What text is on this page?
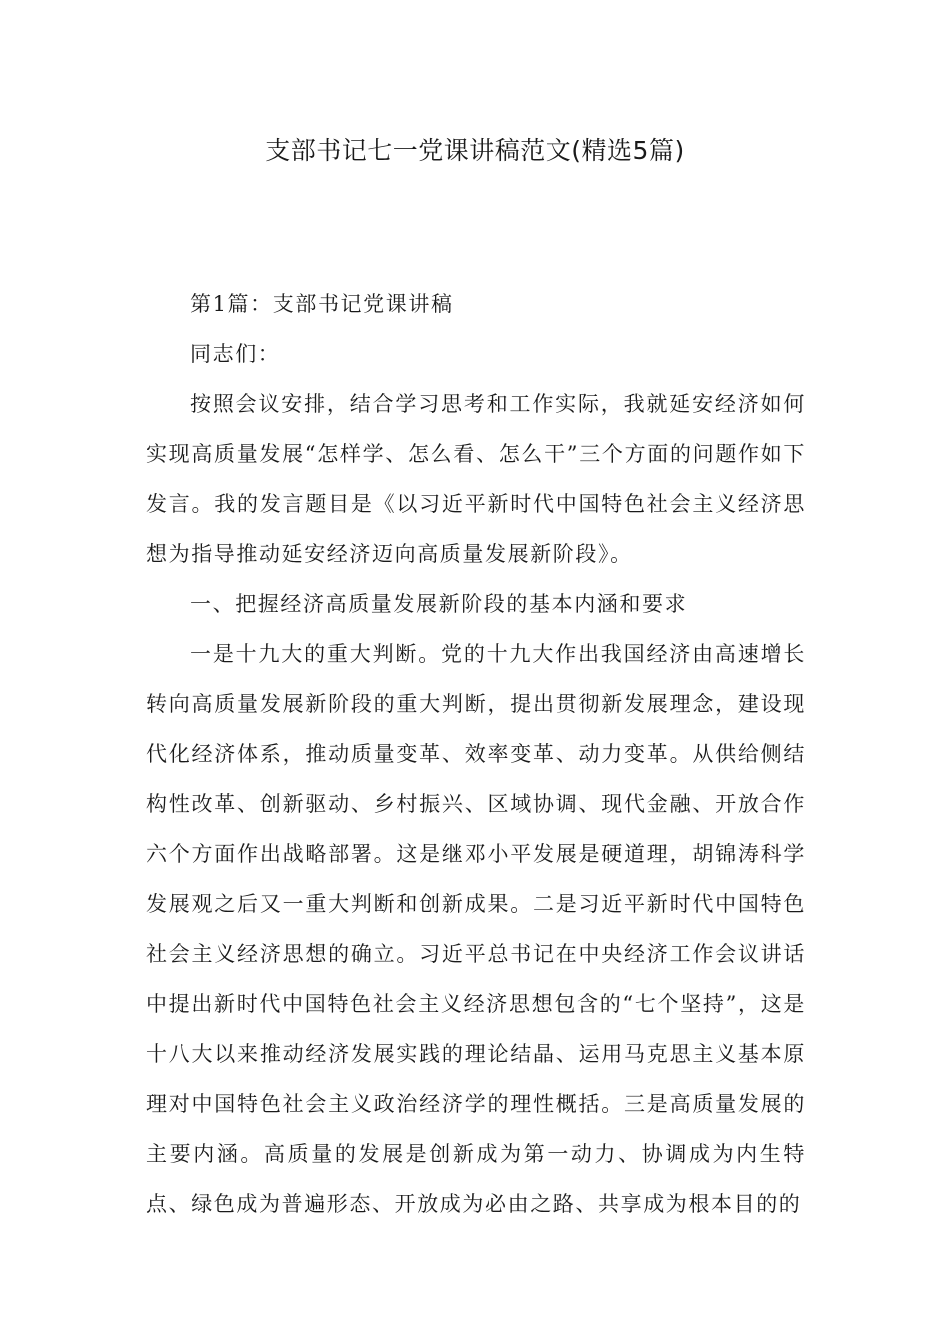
支部书记七一党课讲稿范文(精选5篇)

第1篇：支部书记党课讲稿

同志们：

按照会议安排，结合学习思考和工作实际，我就延安经济如何实现高质量发展“怎样学、怎么看、怎么干”三个方面的问题作如下发言。我的发言题目是《以习近平新时代中国特色社会主义经济思想为指导推动延安经济迈向高质量发展新阶段》。

一、把握经济高质量发展新阶段的基本内涵和要求

一是十九大的重大判断。党的十九大作出我国经济由高速增长转向高质量发展新阶段的重大判断，提出贯彻新发展理念，建设现代化经济体系，推动质量变革、效率变革、动力变革。从供给侧结构性改革、创新驱动、乡村振兴、区域协调、现代金融、开放合作六个方面作出战略部署。这是继邓小平发展是硬道理，胡锦涛科学发展观之后又一重大判断和创新成果。二是习近平新时代中国特色社会主义经济思想的确立。习近平总书记在中央经济工作会议讲话中提出新时代中国特色社会主义经济思想包含的“七个坚持”，这是十八大以来推动经济发展实践的理论结晶、运用马克思主义基本原理对中国特色社会主义政治经济学的理性概括。三是高质量发展的主要内涵。高质量的发展是创新成为第一动力、协调成为内生特点、绿色成为普遍形态、开放成为必由之路、共享成为根本目的的
